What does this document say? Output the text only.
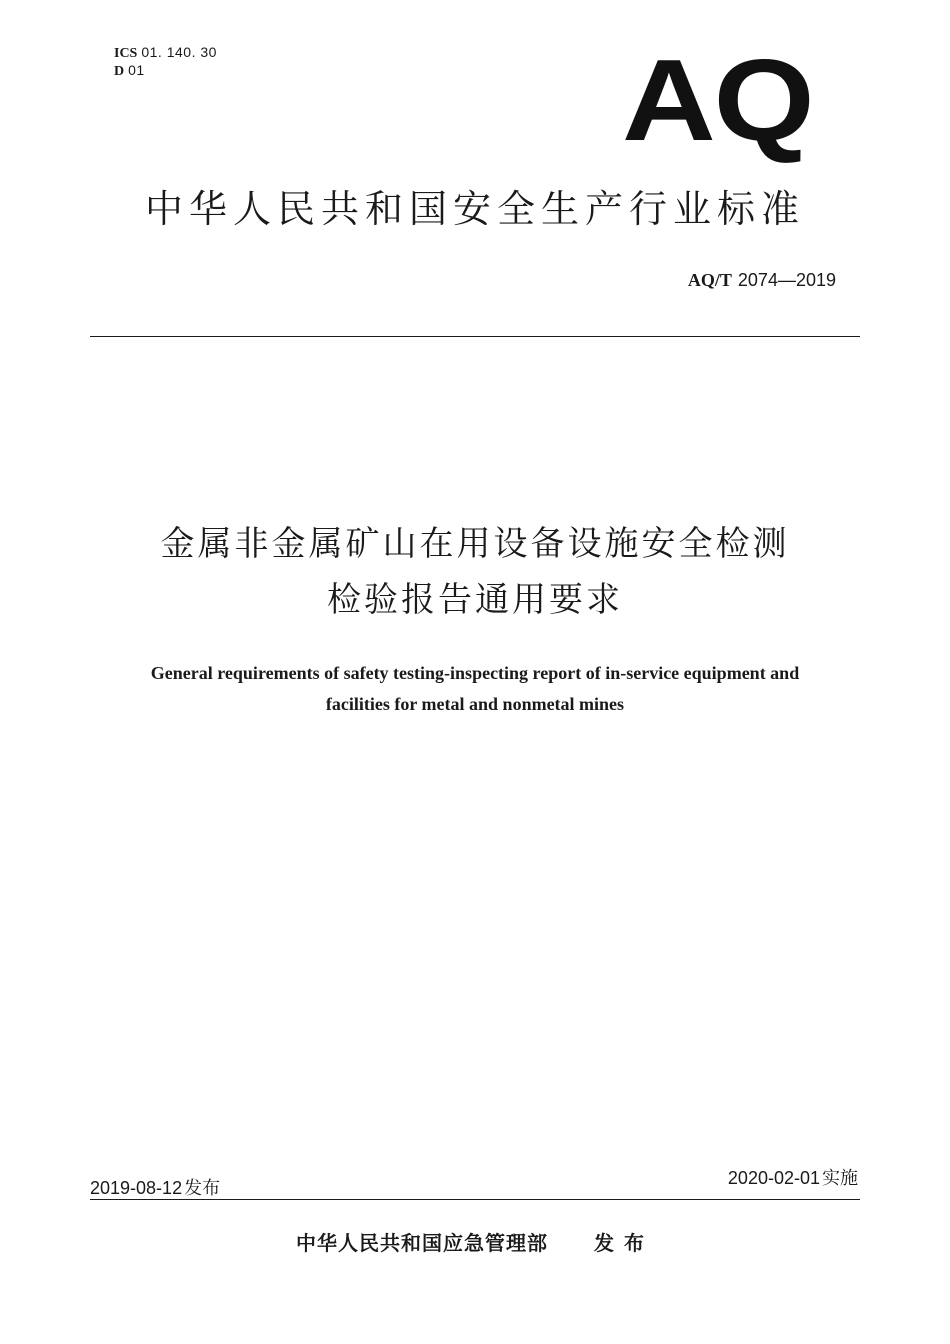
ICS 01. 140. 30
D 01	AQ
中华人民共和国安全生产行业标准
AQ/T 2074—2019
金属非金属矿山在用设备设施安全检测
检验报告通用要求
General requirements of safety testing-inspecting report of in-service equipment and
facilities for metal and nonmetal mines
2019-08-12 发布	2020-02-01 实施
中华人民共和国应急管理部 发布
